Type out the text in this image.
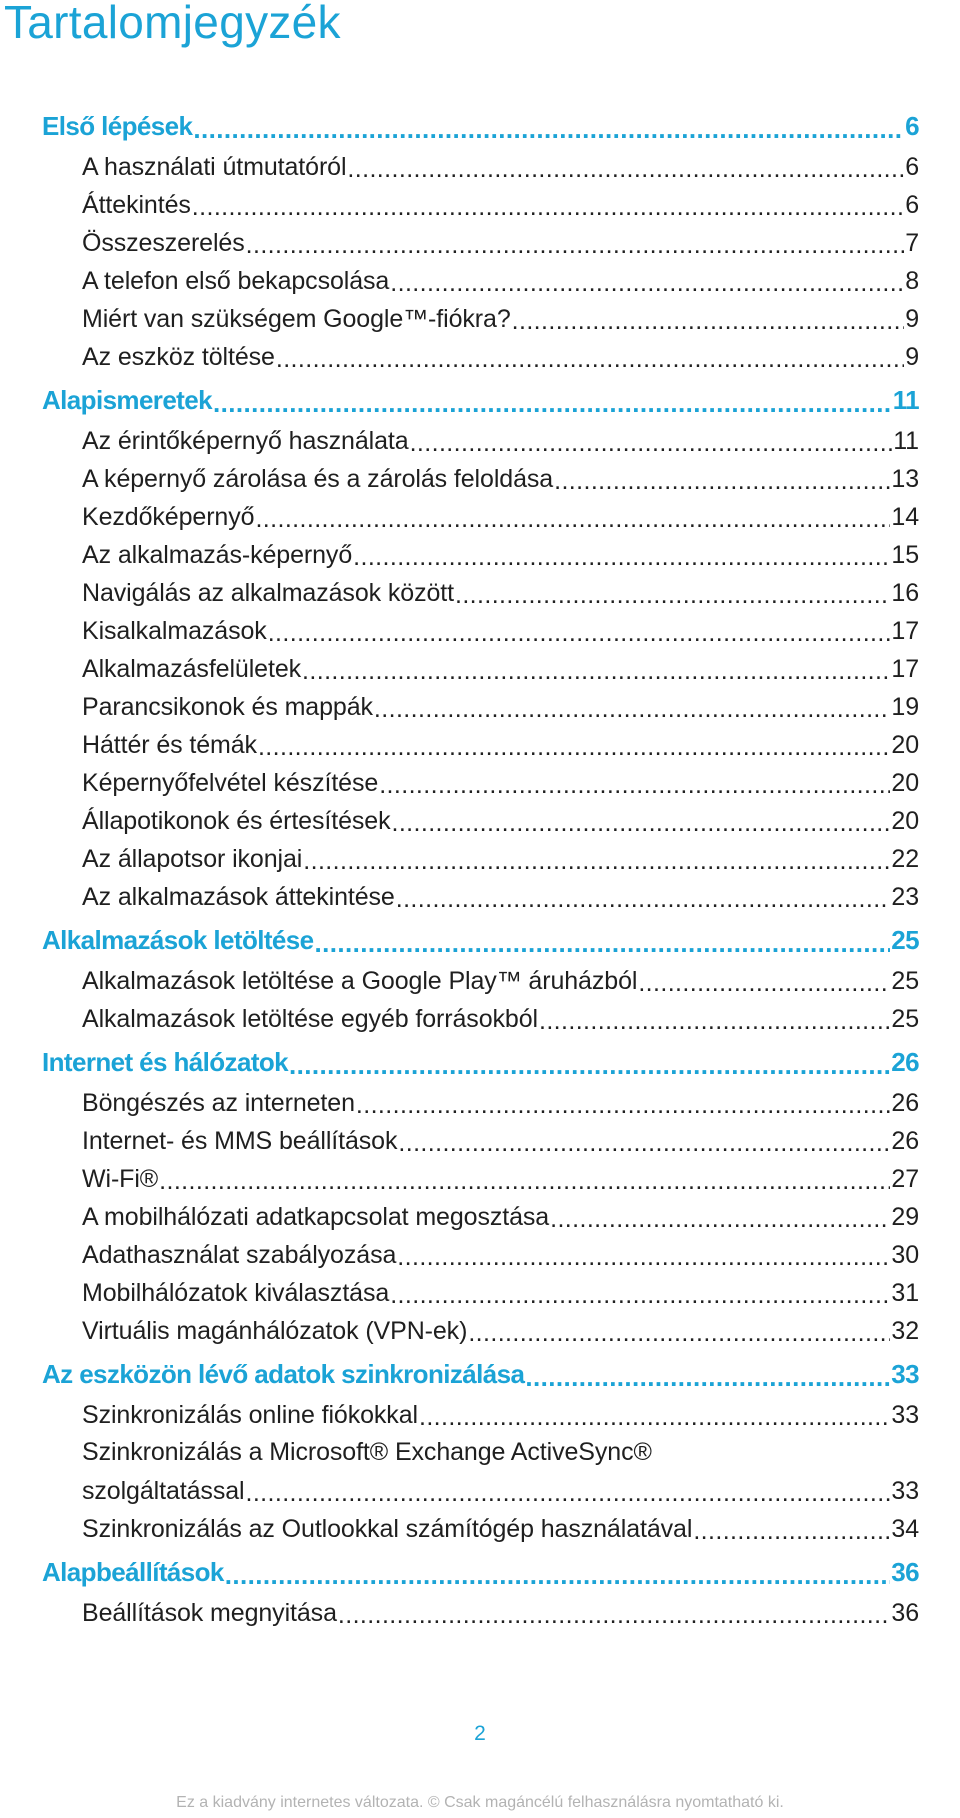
Tartalomjegyzék
Első lépések .....	6
A használati útmutatóról .....	6
Áttekintés .....	6
Összeszerelés .....	7
A telefon első bekapcsolása .....	8
Miért van szükségem Google™-fiókra? .....	9
Az eszköz töltése .....	9
Alapismeretek .....	11
Az érintőképernyő használata .....	11
A képernyő zárolása és a zárolás feloldása .....	13
Kezdőképernyő .....	14
Az alkalmazás-képernyő .....	15
Navigálás az alkalmazások között .....	16
Kisalkalmazások .....	17
Alkalmazásfelületek .....	17
Parancsikonok és mappák .....	19
Háttér és témák .....	20
Képernyőfelvétel készítése .....	20
Állapotikonok és értesítések .....	20
Az állapotsor ikonjai .....	22
Az alkalmazások áttekintése .....	23
Alkalmazások letöltése .....	25
Alkalmazások letöltése a Google Play™ áruházból .....	25
Alkalmazások letöltése egyéb forrásokból .....	25
Internet és hálózatok .....	26
Böngészés az interneten .....	26
Internet- és MMS beállítások .....	26
Wi-Fi® .....	27
A mobilhálózati adatkapcsolat megosztása .....	29
Adathasználat szabályozása .....	30
Mobilhálózatok kiválasztása .....	31
Virtuális magánhálózatok (VPN-ek) .....	32
Az eszközön lévő adatok szinkronizálása .....	33
Szinkronizálás online fiókokkal .....	33
Szinkronizálás a Microsoft® Exchange ActiveSync®
szolgáltatással .....	33
Szinkronizálás az Outlookkal számítógép használatával .....	34
Alapbeállítások .....	36
Beállítások megnyitása .....	36
2
Ez a kiadvány internetes változata. © Csak magáncélú felhasználásra nyomtatható ki.
